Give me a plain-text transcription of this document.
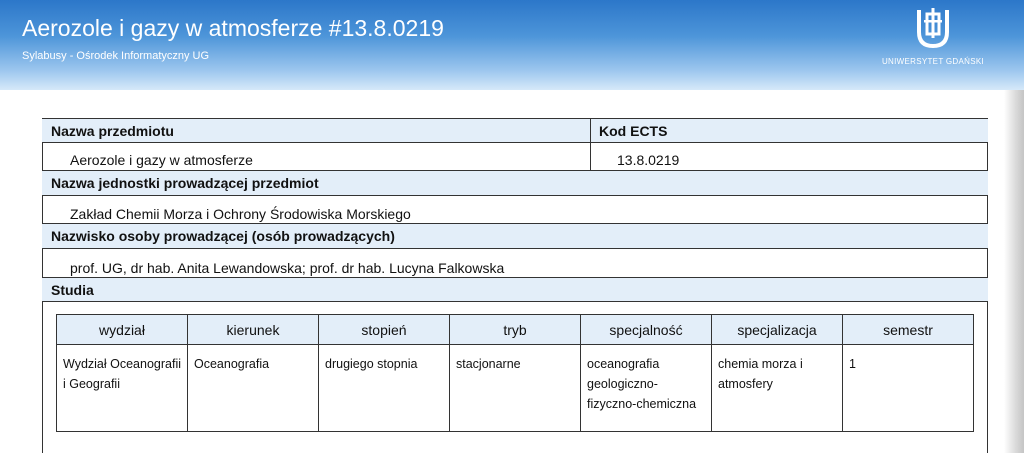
Aerozole i gazy w atmosferze #13.8.0219
Sylabusy - Ośrodek Informatyczny UG	UNIWERSYTET GDAŃSKI
Nazwa przedmiotu	Kod ECTS
Aerozole i gazy w atmosferze	13.8.0219
Nazwa jednostki prowadzącej przedmiot
Zakład Chemii Morza i Ochrony Środowiska Morskiego
Nazwisko osoby prowadzącej (osób prowadzących)
prof. UG, dr hab. Anita Lewandowska; prof. dr hab. Lucyna Falkowska
Studia
wydział	kierunek	stopień	tryb	specjalność	specjalizacja	semestr
Wydział Oceanografii i Geografii	Oceanografia	drugiego stopnia	stacjonarne	oceanografia geologiczno-fizyczno-chemiczna	chemia morza i atmosfery	1
